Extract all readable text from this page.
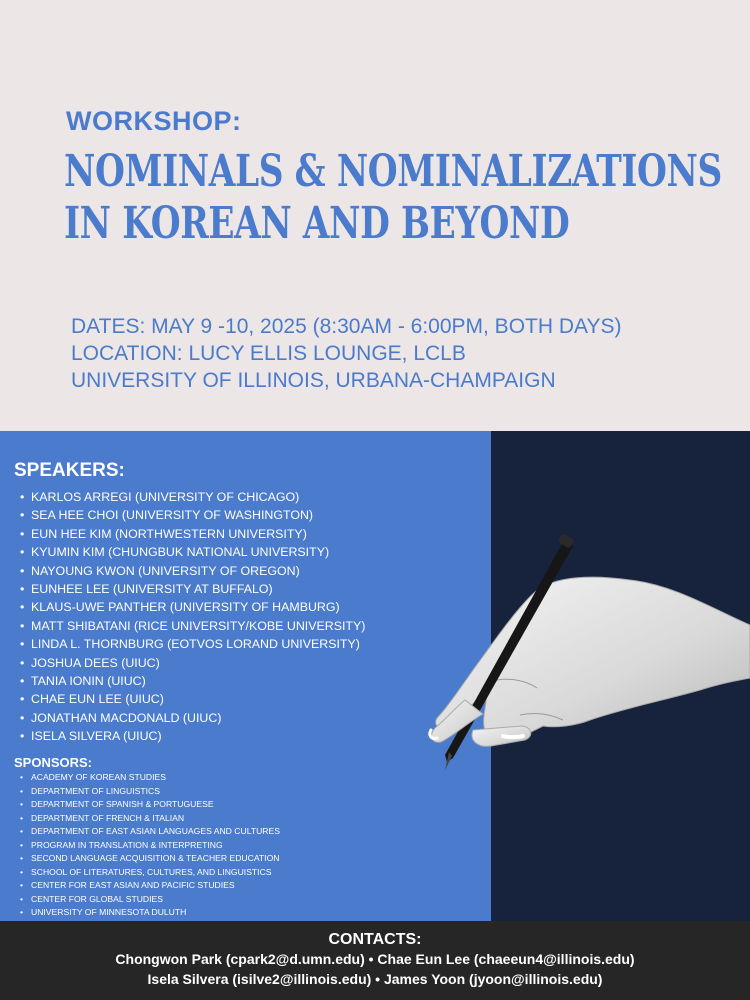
WORKSHOP:
NOMINALS & NOMINALIZATIONS
IN KOREAN AND BEYOND
DATES: MAY 9 -10, 2025 (8:30AM - 6:00PM, BOTH DAYS)
LOCATION: LUCY ELLIS LOUNGE, LCLB
UNIVERSITY OF ILLINOIS, URBANA-CHAMPAIGN
SPEAKERS:
• KARLOS ARREGI (UNIVERSITY OF CHICAGO)
• SEA HEE CHOI (UNIVERSITY OF WASHINGTON)
• EUN HEE KIM (NORTHWESTERN UNIVERSITY)
• KYUMIN KIM (CHUNGBUK NATIONAL UNIVERSITY)
• NAYOUNG KWON (UNIVERSITY OF OREGON)
• EUNHEE LEE (UNIVERSITY AT BUFFALO)
• KLAUS-UWE PANTHER (UNIVERSITY OF HAMBURG)
• MATT SHIBATANI (RICE UNIVERSITY/KOBE UNIVERSITY)
• LINDA L. THORNBURG (EOTVOS LORAND UNIVERSITY)
• JOSHUA DEES (UIUC)
• TANIA IONIN (UIUC)
• CHAE EUN LEE (UIUC)
• JONATHAN MACDONALD (UIUC)
• ISELA SILVERA (UIUC)
SPONSORS:
• ACADEMY OF KOREAN STUDIES
• DEPARTMENT OF LINGUISTICS
• DEPARTMENT OF SPANISH & PORTUGUESE
• DEPARTMENT OF FRENCH & ITALIAN
• DEPARTMENT OF EAST ASIAN LANGUAGES AND CULTURES
• PROGRAM IN TRANSLATION & INTERPRETING
• SECOND LANGUAGE ACQUISITION & TEACHER EDUCATION
• SCHOOL OF LITERATURES, CULTURES, AND LINGUISTICS
• CENTER FOR EAST ASIAN AND PACIFIC STUDIES
• CENTER FOR GLOBAL STUDIES
• UNIVERSITY OF MINNESOTA DULUTH
CONTACTS:
Chongwon Park (cpark2@d.umn.edu) • Chae Eun Lee (chaeeun4@illinois.edu)
Isela Silvera (isilve2@illinois.edu) • James Yoon (jyoon@illinois.edu)
